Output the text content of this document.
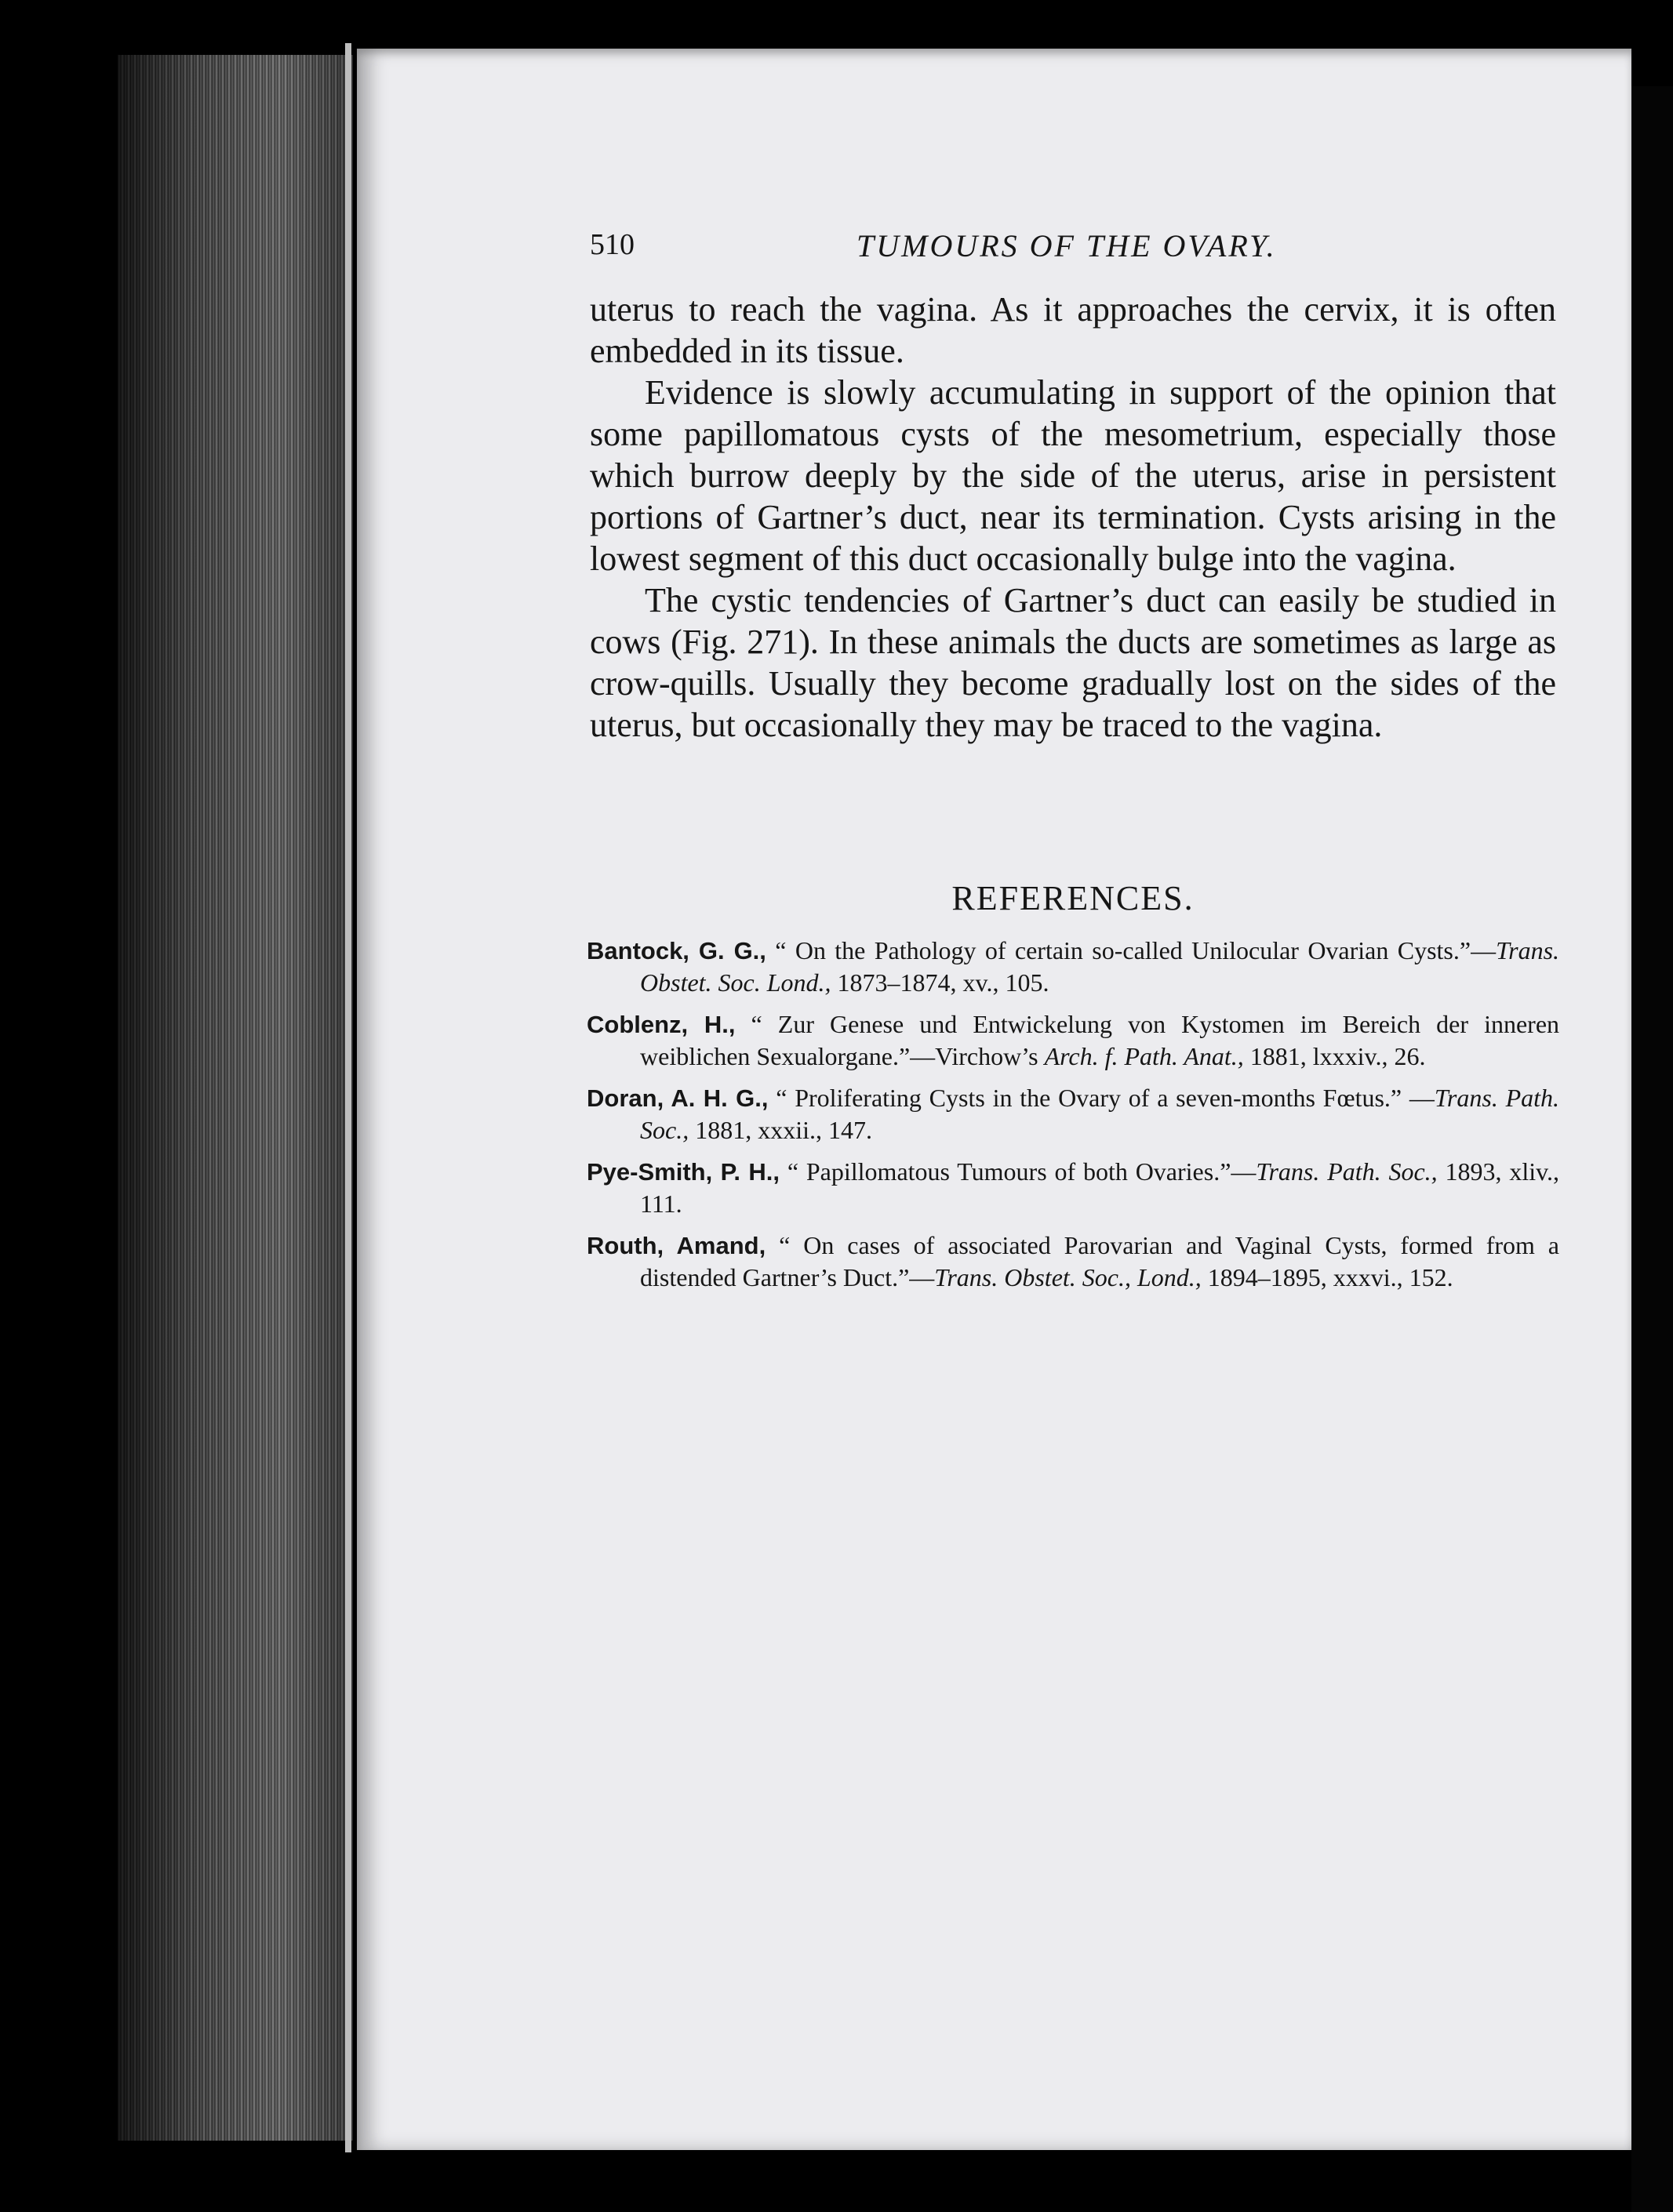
510	TUMOURS OF THE OVARY.

uterus to reach the vagina. As it approaches the cervix, it is often embedded in its tissue.

Evidence is slowly accumulating in support of the opinion that some papillomatous cysts of the mesometrium, especially those which burrow deeply by the side of the uterus, arise in persistent portions of Gartner’s duct, near its termination. Cysts arising in the lowest segment of this duct occasionally bulge into the vagina.

The cystic tendencies of Gartner’s duct can easily be studied in cows (Fig. 271). In these animals the ducts are sometimes as large as crow-quills. Usually they become gradually lost on the sides of the uterus, but occasionally they may be traced to the vagina.

REFERENCES.

Bantock, G. G., “ On the Pathology of certain so-called Unilocular Ovarian Cysts.”—Trans. Obstet. Soc. Lond., 1873–1874, xv., 105.

Coblenz, H., “ Zur Genese und Entwickelung von Kystomen im Bereich der inneren weiblichen Sexualorgane.”—Virchow’s Arch. f. Path. Anat., 1881, lxxxiv., 26.

Doran, A. H. G., “ Proliferating Cysts in the Ovary of a seven-months Fœtus.” —Trans. Path. Soc., 1881, xxxii., 147.

Pye-Smith, P. H., “ Papillomatous Tumours of both Ovaries.”—Trans. Path. Soc., 1893, xliv., 111.

Routh, Amand, “ On cases of associated Parovarian and Vaginal Cysts, formed from a distended Gartner’s Duct.”—Trans. Obstet. Soc., Lond., 1894–1895, xxxvi., 152.
